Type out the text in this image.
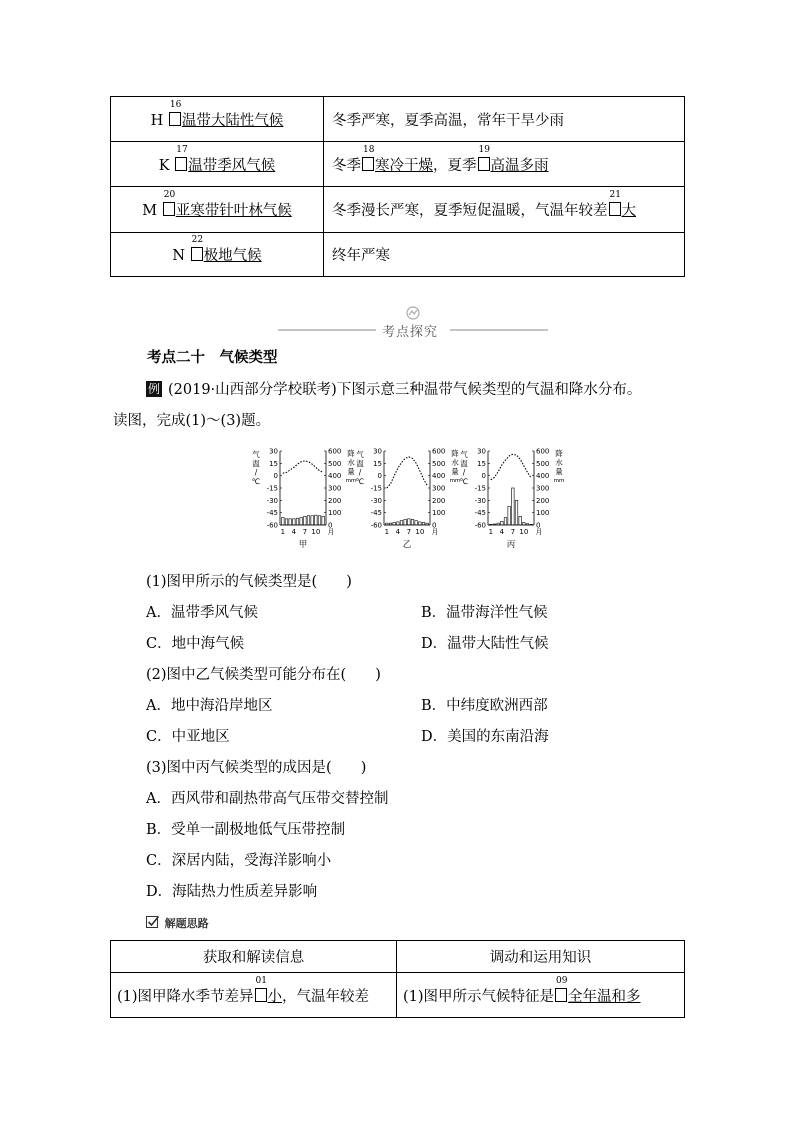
H
16
温带大陆性气候	冬季严寒，夏季高温，常年干旱少雨
K
17
温带季风气候	冬季
18
寒冷干燥，夏季
19
高温多雨
M
20
亚寒带针叶林气候	冬季漫长严寒，夏季短促温暖，气温年较差
21
大
N
22
极地气候	终年严寒
考点探究
考点二十　气候类型
例 (2019·山西部分学校联考)下图示意三种温带气候类型的气温和降水分布。
读图，完成(1)～(3)题。
30
15
0
-15
-30
-45
-60
600
500
400
300
200
100
0
气
温
/
℃
降
水
量
mm
1 4 7 10 月
甲
30
15
0
-15
-30
-45
-60
600
500
400
300
200
100
0
气
温
/
℃
降
水
量
mm
1 4 7 10 月
乙
30
15
0
-15
-30
-45
-60
600
500
400
300
200
100
0
气
温
/
℃
降
水
量
mm
1 4 7 10 月
丙
(1)图甲所示的气候类型是(　　)
A．温带季风气候	B．温带海洋性气候
C．地中海气候	D．温带大陆性气候
(2)图中乙气候类型可能分布在(　　)
A．地中海沿岸地区	B．中纬度欧洲西部
C．中亚地区	D．美国的东南沿海
(3)图中丙气候类型的成因是(　　)
A．西风带和副热带高气压带交替控制
B．受单一副极地低气压带控制
C．深居内陆，受海洋影响小
D．海陆热力性质差异影响
解题思路
获取和解读信息	调动和运用知识
(1)图甲降水季节差异
01
小，气温年较差	(1)图甲所示气候特征是
09
全年温和多
